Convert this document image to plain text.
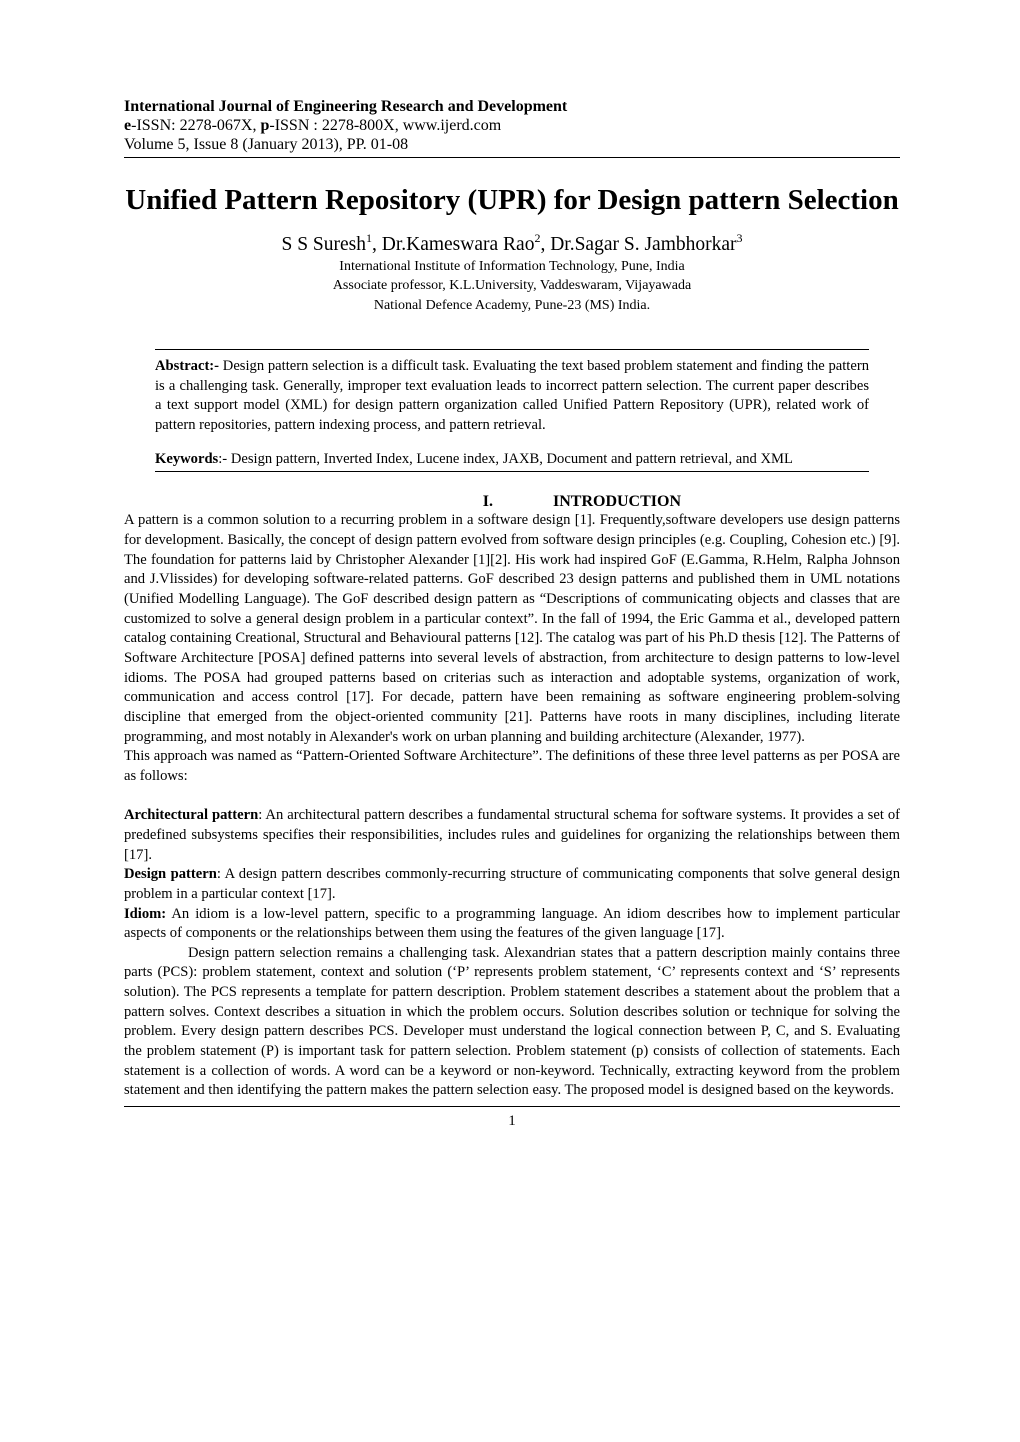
International Journal of Engineering Research and Development
e-ISSN: 2278-067X, p-ISSN : 2278-800X, www.ijerd.com
Volume 5, Issue 8 (January 2013), PP. 01-08
Unified Pattern Repository (UPR) for Design pattern Selection
S S Suresh$^1$, Dr.Kameswara Rao$^2$, Dr.Sagar S. Jambhorkar$^3$
International Institute of Information Technology, Pune, India
Associate professor, K.L.University, Vaddeswaram, Vijayawada
National Defence Academy, Pune-23 (MS) India.
Abstract:- Design pattern selection is a difficult task. Evaluating the text based problem statement and finding the pattern is a challenging task. Generally, improper text evaluation leads to incorrect pattern selection. The current paper describes a text support model (XML) for design pattern organization called Unified Pattern Repository (UPR), related work of pattern repositories, pattern indexing process, and pattern retrieval.
Keywords:- Design pattern, Inverted Index, Lucene index, JAXB, Document and pattern retrieval, and XML
I.	INTRODUCTION

A pattern is a common solution to a recurring problem in a software design [1]. Frequently,software developers use design patterns for development. Basically, the concept of design pattern evolved from software design principles (e.g. Coupling, Cohesion etc.) [9]. The foundation for patterns laid by Christopher Alexander [1][2]. His work had inspired GoF (E.Gamma, R.Helm, Ralpha Johnson and J.Vlissides) for developing software-related patterns. GoF described 23 design patterns and published them in UML notations (Unified Modelling Language). The GoF described design pattern as “Descriptions of communicating objects and classes that are customized to solve a general design problem in a particular context”. In the fall of 1994, the Eric Gamma et al., developed pattern catalog containing Creational, Structural and Behavioural patterns [12]. The catalog was part of his Ph.D thesis [12]. The Patterns of Software Architecture [POSA] defined patterns into several levels of abstraction, from architecture to design patterns to low-level idioms. The POSA had grouped patterns based on criterias such as interaction and adoptable systems, organization of work, communication and access control [17]. For decade, pattern have been remaining as software engineering problem-solving discipline that emerged from the object-oriented community [21]. Patterns have roots in many disciplines, including literate programming, and most notably in Alexander's work on urban planning and building architecture (Alexander, 1977).

This approach was named as “Pattern-Oriented Software Architecture”. The definitions of these three level patterns as per POSA are as follows:

Architectural pattern: An architectural pattern describes a fundamental structural schema for software systems. It provides a set of predefined subsystems specifies their responsibilities, includes rules and guidelines for organizing the relationships between them [17].

Design pattern: A design pattern describes commonly-recurring structure of communicating components that solve general design problem in a particular context [17].

Idiom: An idiom is a low-level pattern, specific to a programming language. An idiom describes how to implement particular aspects of components or the relationships between them using the features of the given language [17].

Design pattern selection remains a challenging task. Alexandrian states that a pattern description mainly contains three parts (PCS): problem statement, context and solution (‘P’ represents problem statement, ‘C’ represents context and ‘S’ represents solution). The PCS represents a template for pattern description. Problem statement describes a statement about the problem that a pattern solves. Context describes a situation in which the problem occurs. Solution describes solution or technique for solving the problem. Every design pattern describes PCS. Developer must understand the logical connection between P, C, and S. Evaluating the problem statement (P) is important task for pattern selection. Problem statement (p) consists of collection of statements. Each statement is a collection of words. A word can be a keyword or non-keyword. Technically, extracting keyword from the problem statement and then identifying the pattern makes the pattern selection easy. The proposed model is designed based on the keywords.

1
